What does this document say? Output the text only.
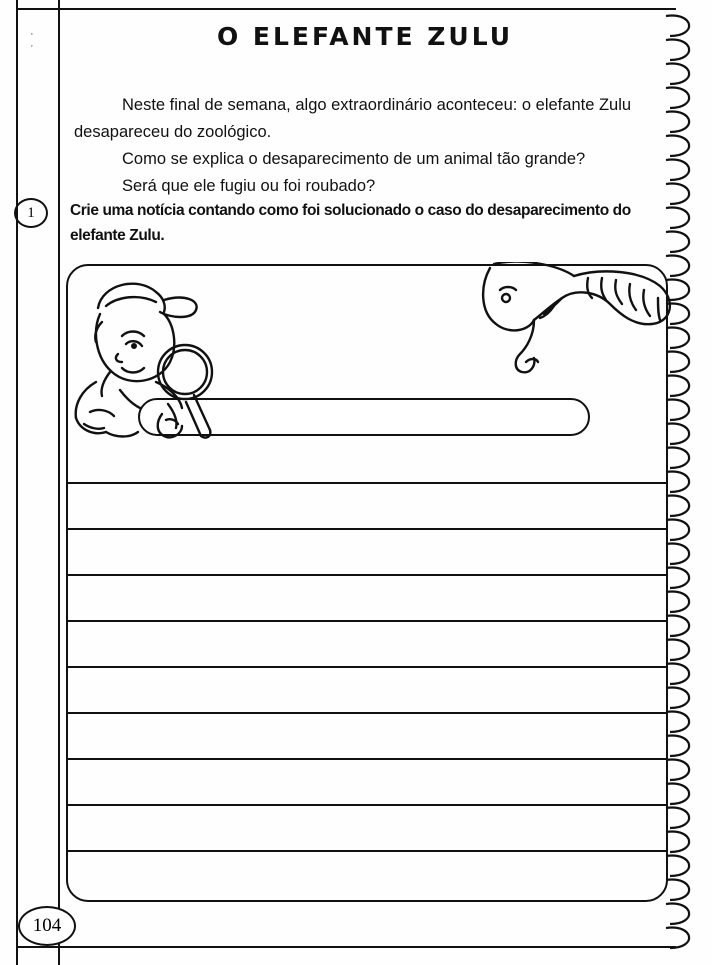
·
·	O ELEFANTE ZULU

Neste final de semana, algo extraordinário aconteceu: o elefante Zulu desapareceu do zoológico.

Como se explica o desaparecimento de um animal tão grande?

Será que ele fugiu ou foi roubado?

1	Crie uma notícia contando como foi solucionado o caso do desaparecimento do elefante Zulu.
104
